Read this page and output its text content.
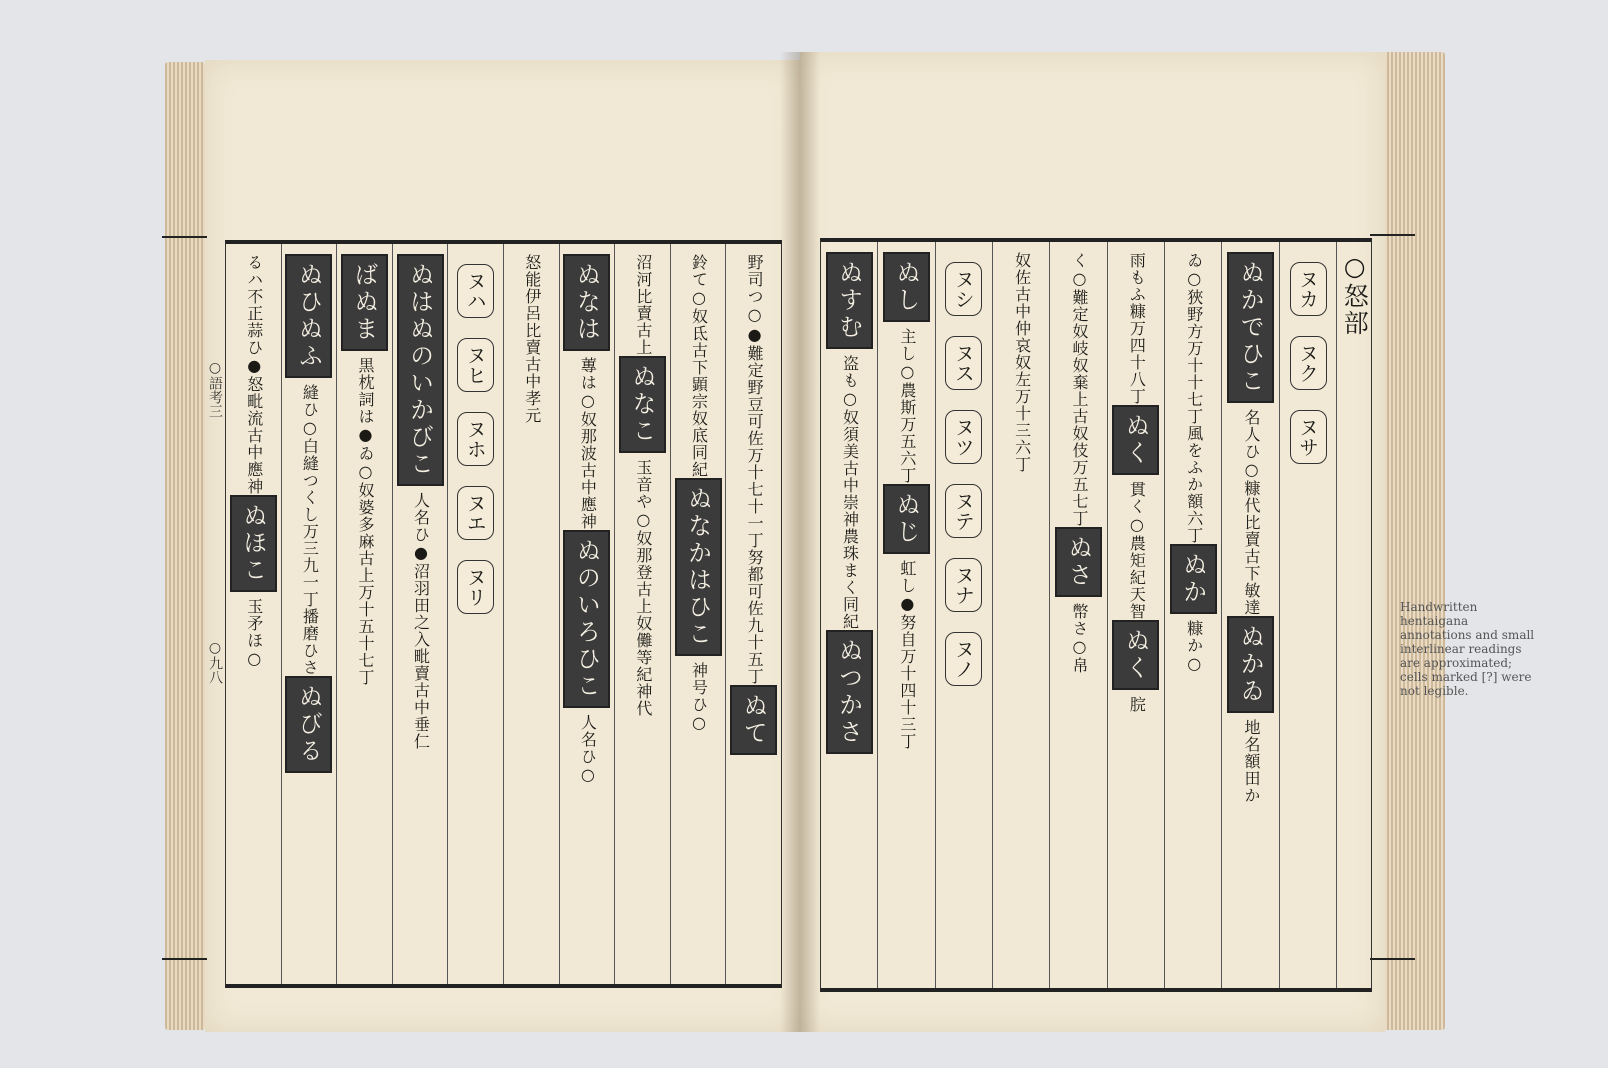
○怒部
ヌカ
ヌク
ヌサ
ぬかでひこ
名人ひ○糠代比賣古下敏達
ぬかゐ
地名額田か
ゐ○狹野方万十十七丁
風をふか額六丁
ぬか
糠か○
雨もふ糠万四十八丁
ぬく
貫く○農矩紀天智
ぬく
脘
く○難定
奴岐奴棄上古奴伎万五七丁
ぬさ
幣さ○帛
奴佐古中仲哀奴左万十三六丁
ヌシ
ヌス
ヌツ
ヌテ
ヌナ
ヌノ
ぬし
主し○農斯万五六丁
ぬじ
虹し●努自万十四十三丁
ぬすむ
盗も○奴須美古中崇神農珠まく同紀
ぬつかさ
野司つ○●難定
野豆可佐万十七十一丁努都可佐九十五丁
ぬて
鈴て○奴氐古下顕宗奴底同紀
ぬなかはひこ
神号ひ○
沼河比賣古上
ぬなこ
玉音や○奴那登古上奴儺等紀神代
ぬなは
蓴は○奴那波古中應神
ぬのいろひこ
人名ひ○
怒能伊呂比賣古中孝元
ヌハ
ヌヒ
ヌホ
ヌエ
ヌリ
ぬはぬのいかびこ
人名ひ●沼羽田之入毗賣古中垂仁
ばぬま
黒枕詞は●ゐ○奴婆多麻古上万十五十七丁
ぬひぬふ
縫ひ○白縫つくし万三九一丁
播磨ひさ
ぬびる
るハ不正
蒜ひ●怒毗流古中應神
ぬほこ
玉矛ほ○
○語考三
○九八
Handwritten hentaigana annotations and small interlinear readings are approximated; cells marked [?] were not legible.
